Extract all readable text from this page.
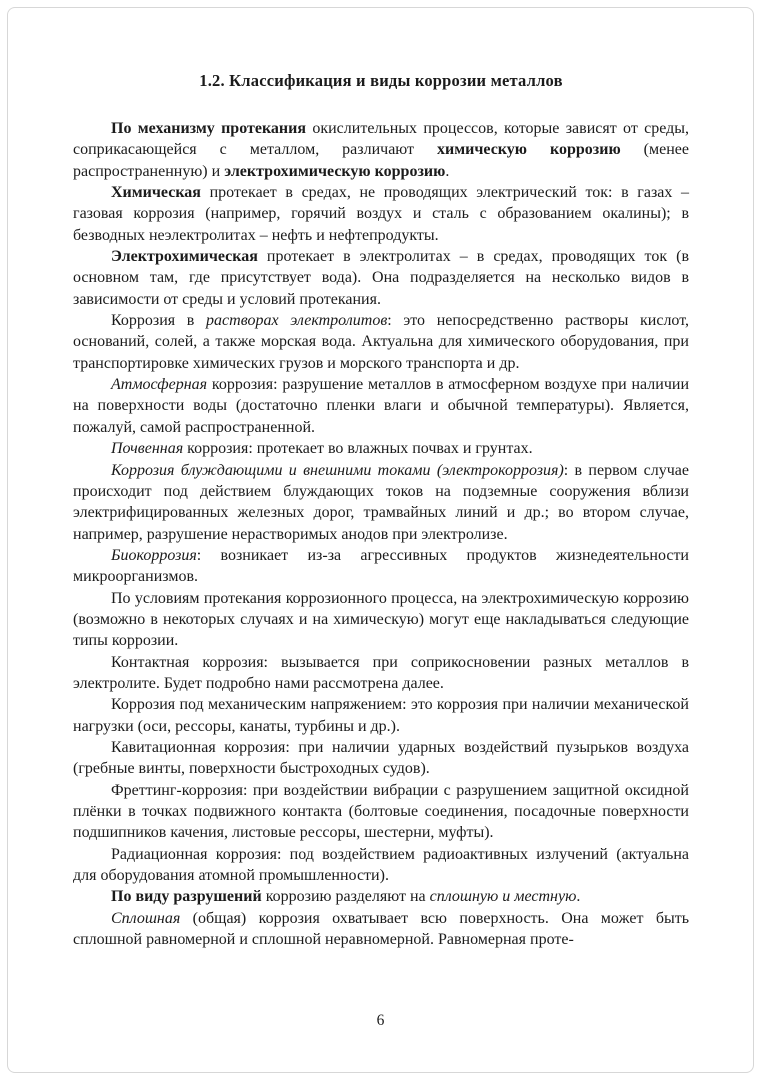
1.2. Классификация и виды коррозии металлов

По механизму протекания окислительных процессов, которые зависят от среды, соприкасающейся с металлом, различают химическую коррозию (менее распространенную) и электрохимическую коррозию.

Химическая протекает в средах, не проводящих электрический ток: в газах – газовая коррозия (например, горячий воздух и сталь с образованием окалины); в безводных неэлектролитах – нефть и нефтепродукты.

Электрохимическая протекает в электролитах – в средах, проводящих ток (в основном там, где присутствует вода). Она подразделяется на несколько видов в зависимости от среды и условий протекания.

Коррозия в растворах электролитов: это непосредственно растворы кислот, оснований, солей, а также морская вода. Актуальна для химического оборудования, при транспортировке химических грузов и морского транспорта и др.

Атмосферная коррозия: разрушение металлов в атмосферном воздухе при наличии на поверхности воды (достаточно пленки влаги и обычной температуры). Является, пожалуй, самой распространенной.

Почвенная коррозия: протекает во влажных почвах и грунтах.

Коррозия блуждающими и внешними токами (электрокоррозия): в первом случае происходит под действием блуждающих токов на подземные сооружения вблизи электрифицированных железных дорог, трамвайных линий и др.; во втором случае, например, разрушение нерастворимых анодов при электролизе.

Биокоррозия: возникает из-за агрессивных продуктов жизнедеятельности микроорганизмов.

По условиям протекания коррозионного процесса, на электрохимическую коррозию (возможно в некоторых случаях и на химическую) могут еще накладываться следующие типы коррозии.

Контактная коррозия: вызывается при соприкосновении разных металлов в электролите. Будет подробно нами рассмотрена далее.

Коррозия под механическим напряжением: это коррозия при наличии механической нагрузки (оси, рессоры, канаты, турбины и др.).

Кавитационная коррозия: при наличии ударных воздействий пузырьков воздуха (гребные винты, поверхности быстроходных судов).

Фреттинг-коррозия: при воздействии вибрации с разрушением защитной оксидной плёнки в точках подвижного контакта (болтовые соединения, посадочные поверхности подшипников качения, листовые рессоры, шестерни, муфты).

Радиационная коррозия: под воздействием радиоактивных излучений (актуальна для оборудования атомной промышленности).

По виду разрушений коррозию разделяют на сплошную и местную.

Сплошная (общая) коррозия охватывает всю поверхность. Она может быть сплошной равномерной и сплошной неравномерной. Равномерная проте-

6
